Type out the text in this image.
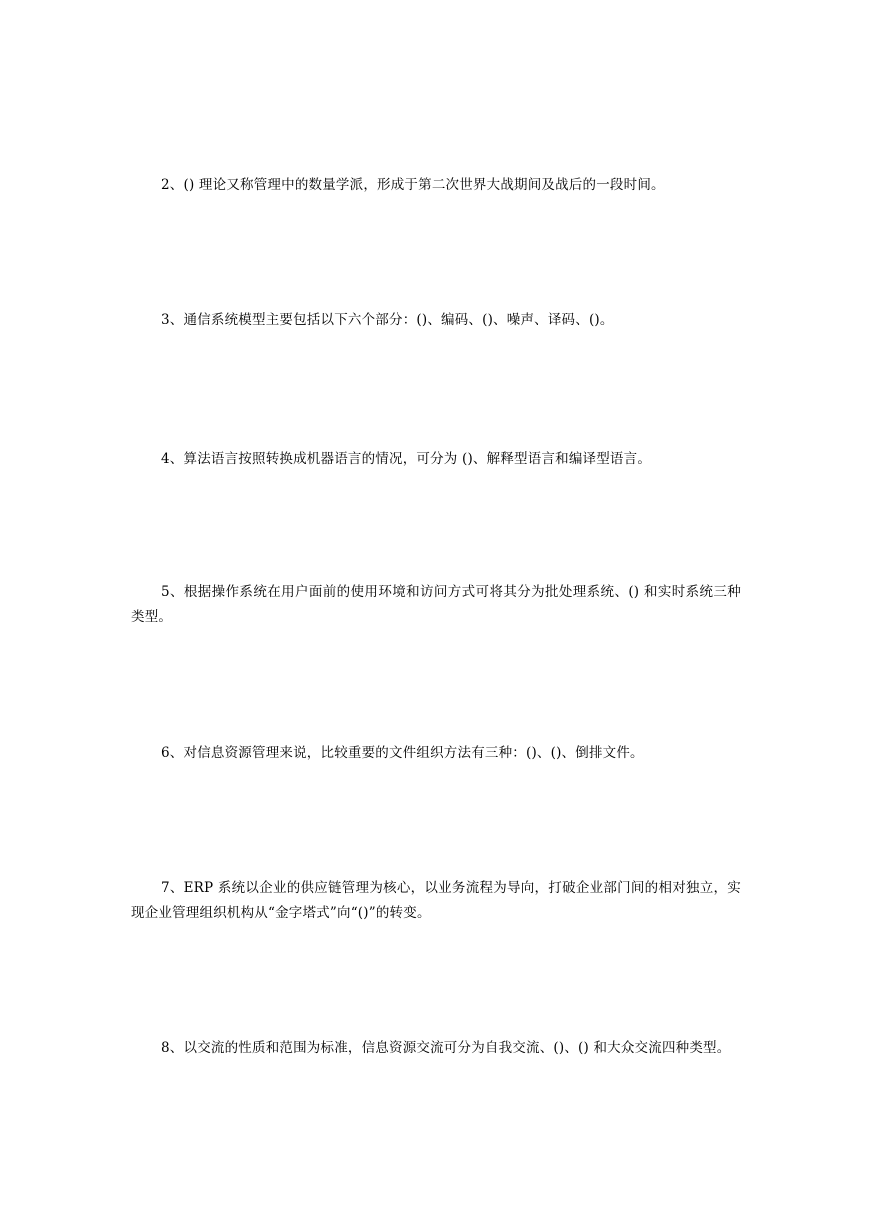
2、() 理论又称管理中的数量学派，形成于第二次世界大战期间及战后的一段时间。

3、通信系统模型主要包括以下六个部分：()、编码、()、噪声、译码、()。

4、算法语言按照转换成机器语言的情况，可分为 ()、解释型语言和编译型语言。

5、根据操作系统在用户面前的使用环境和访问方式可将其分为批处理系统、() 和实时系统三种类型。

6、对信息资源管理来说，比较重要的文件组织方法有三种：()、()、倒排文件。

7、ERP 系统以企业的供应链管理为核心，以业务流程为导向，打破企业部门间的相对独立，实现企业管理组织机构从“金字塔式”向“()”的转变。

8、以交流的性质和范围为标准，信息资源交流可分为自我交流、()、() 和大众交流四种类型。
